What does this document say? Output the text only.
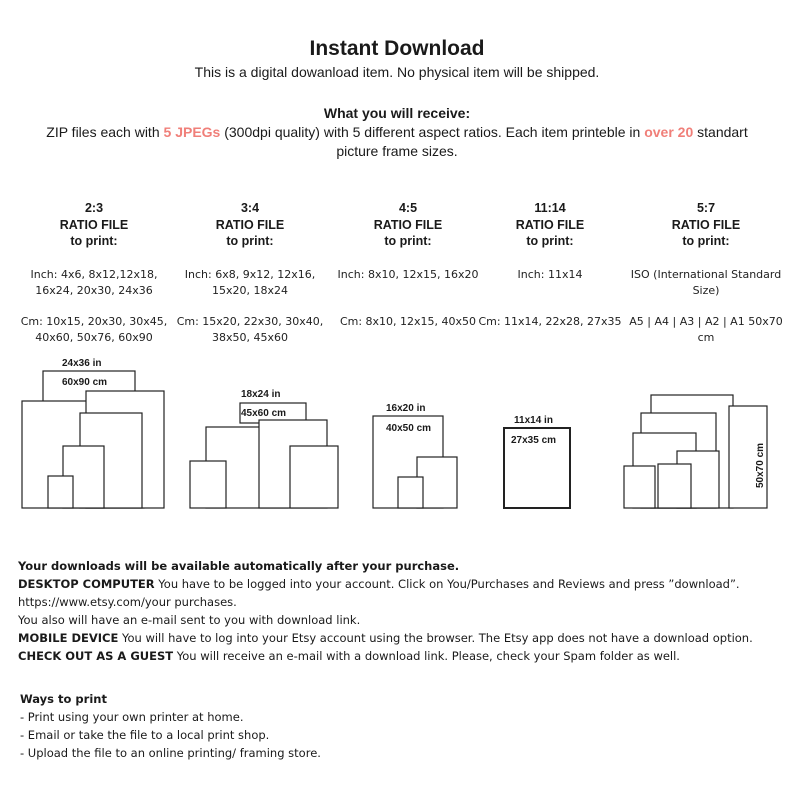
Instant Download
This is a digital dowanload item. No physical item will be shipped.
What you will receive:
ZIP files each with 5 JPEGs (300dpi quality) with 5 different aspect ratios. Each item printeble in over 20 standart picture frame sizes.
2:3
RATIO FILE
to print:
Inch: 4x6, 8x12,12x18, 16x24, 20x30, 24x36
Cm: 10x15, 20x30, 30x45, 40x60, 50x76, 60x90
3:4
RATIO FILE
to print:
Inch: 6x8, 9x12, 12x16, 15x20, 18x24
Cm: 15x20, 22x30, 30x40, 38x50, 45x60
4:5
RATIO FILE
to print:
Inch: 8x10, 12x15, 16x20
Cm: 8x10, 12x15, 40x50
11:14
RATIO FILE
to print:
Inch: 11x14
Cm: 11x14, 22x28, 27x35
5:7
RATIO FILE
to print:
ISO (International Standard Size)
A5 | A4 | A3 | A2 | A1 50x70 cm
24x36 in
60x90 cm
18x24 in
45x60 cm	16x20 in
40x50 cm
11x14 in
27x35 cm
50x70 cm
Your downloads will be available automatically after your purchase.
DESKTOP COMPUTER You have to be logged into your account. Click on You/Purchases and Reviews and press ”download”.
https://www.etsy.com/your purchases.
You also will have an e-mail sent to you with download link.
MOBILE DEVICE You will have to log into your Etsy account using the browser. The Etsy app does not have a download option.
CHECK OUT AS A GUEST You will receive an e-mail with a download link. Please, check your Spam folder as well.
Ways to print
- Print using your own printer at home.
- Email or take the file to a local print shop.
- Upload the file to an online printing/ framing store.
